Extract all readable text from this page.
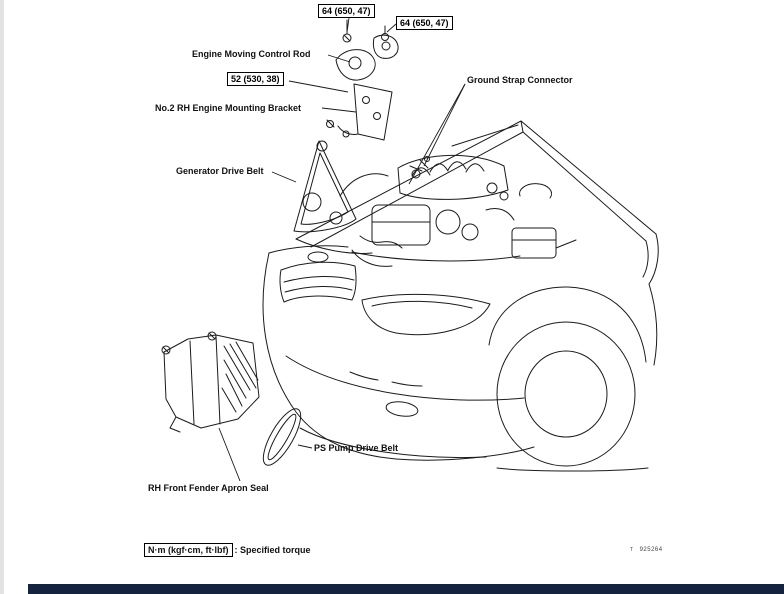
64 (650, 47)
64 (650, 47)
52 (530, 38)
Engine Moving Control Rod
No.2 RH Engine Mounting Bracket
Ground Strap Connector
Generator Drive Belt
PS Pump Drive Belt
RH Front Fender Apron Seal
N·m (kgf·cm, ft·lbf) : Specified torque	T 925264
